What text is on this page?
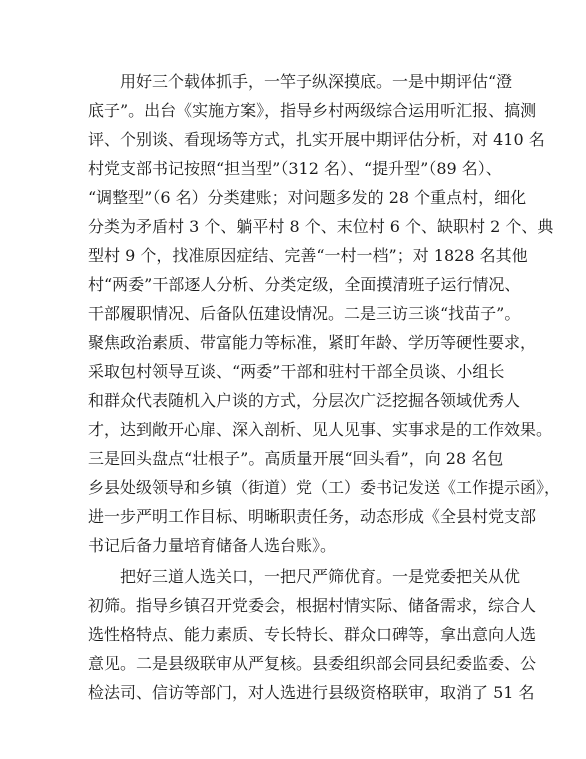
用好三个载体抓手，一竿子纵深摸底。一是中期评估“澄
底子”。出台《实施方案》，指导乡村两级综合运用听汇报、搞测
评、个别谈、看现场等方式，扎实开展中期评估分析，对 410 名
村党支部书记按照“担当型”（312 名）、“提升型”（89 名）、
“调整型”（6 名）分类建账；对问题多发的 28 个重点村，细化
分类为矛盾村 3 个、躺平村 8 个、末位村 6 个、缺职村 2 个、典
型村 9 个，找准原因症结、完善“一村一档”；对 1828 名其他
村“两委”干部逐人分析、分类定级，全面摸清班子运行情况、
干部履职情况、后备队伍建设情况。二是三访三谈“找苗子”。
聚焦政治素质、带富能力等标准，紧盯年龄、学历等硬性要求，
采取包村领导互谈、“两委”干部和驻村干部全员谈、小组长
和群众代表随机入户谈的方式，分层次广泛挖掘各领域优秀人
才，达到敞开心扉、深入剖析、见人见事、实事求是的工作效果。
三是回头盘点“壮根子”。高质量开展“回头看”，向 28 名包
乡县处级领导和乡镇（街道）党（工）委书记发送《工作提示函》，
进一步严明工作目标、明晰职责任务，动态形成《全县村党支部
书记后备力量培育储备人选台账》。
把好三道人选关口，一把尺严筛优育。一是党委把关从优
初筛。指导乡镇召开党委会，根据村情实际、储备需求，综合人
选性格特点、能力素质、专长特长、群众口碑等，拿出意向人选
意见。二是县级联审从严复核。县委组织部会同县纪委监委、公
检法司、信访等部门，对人选进行县级资格联审，取消了 51 名
